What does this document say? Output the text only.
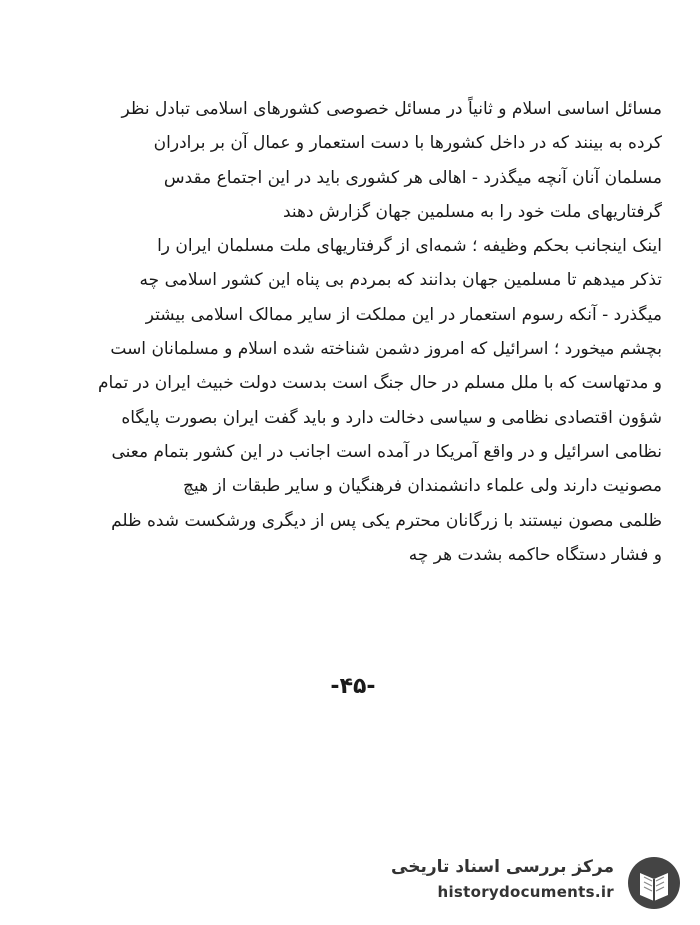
مسائل اساسی اسلام و ثانیاً در مسائل خصوصی کشورهای اسلامی تبادل نظر
کرده به بینند که در داخل کشورها با دست استعمار و عمال آن بر برادران
مسلمان آنان آنچه میگذرد - اهالی هر کشوری باید در این اجتماع مقدس
گرفتاریهای ملت خود را به مسلمین جهان گزارش دهند
اینک اینجانب بحکم وظیفه ؛ شمه‌ای از گرفتاریهای ملت مسلمان ایران را
تذکر میدهم تا مسلمین جهان بدانند که بمردم بی پناه این کشور اسلامی چه
میگذرد - آنکه رسوم استعمار در این مملکت از سایر ممالک اسلامی بیشتر
بچشم میخورد ؛ اسرائیل که امروز دشمن شناخته شده اسلام و مسلمانان است
و مدتهاست که با ملل مسلم در حال جنگ است بدست دولت خبیث ایران در تمام
شؤون اقتصادی نظامی و سیاسی دخالت دارد و باید گفت ایران بصورت پایگاه
نظامی اسرائیل و در واقع آمریکا در آمده است اجانب در این کشور بتمام معنی
مصونیت دارند ولی علماء دانشمندان فرهنگیان و سایر طبقات از هیچ
ظلمی مصون نیستند با زرگانان محترم یکی پس از دیگری ورشکست شده ظلم
و فشار دستگاه حاکمه بشدت هر چه
-۴۵-
مرکز بررسی اسناد تاریخی
historydocuments.ir
